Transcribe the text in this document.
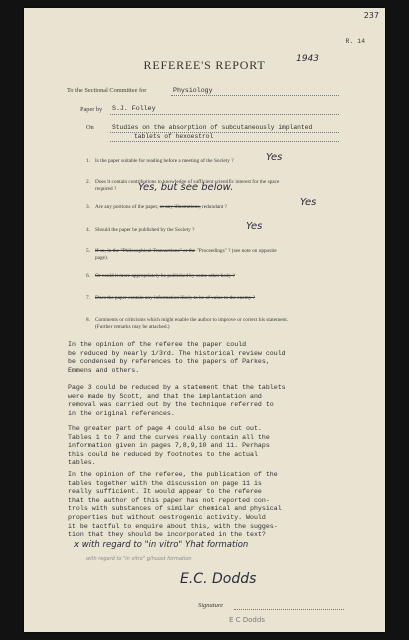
237
R. 14
1943
REFEREE'S REPORT
To the Sectional Committee for	Physiology
Paper by S.J. Folley
On	Studies on the absorption of subcutaneously implanted
tablets of hexoestrol
1. Is the paper suitable for reading before a meeting of the Society ?	Yes
2. Does it contain contributions to knowledge of sufficient scientific interest for the space
required ?	Yes, but see below.
3. Are any portions of the paper, or any illustrations, redundant ?	Yes
4. Should the paper be published by the Society ?	Yes
5. If so, in the "Philosophical Transactions" or the "Proceedings" ? (see note on opposite
page).
6. Or could it more appropriately be published by some other body ?
7. Does the paper contain any information likely to be of value to the enemy ?
8. Comments or criticisms which might enable the author to improve or correct his statement.
(Further remarks may be attached.)
In the opinion of the referee the paper could
be reduced by nearly 1/3rd. The historical review could
be condensed by references to the papers of Parkes,
Emmens and others.
Page 3 could be reduced by a statement that the tablets
were made by Scott, and that the implantation and
removal was carried out by the technique referred to
in the original references.
The greater part of page 4 could also be cut out.
Tables 1 to 7 and the curves really contain all the
information given in pages 7,8,9,10 and 11. Perhaps
this could be reduced by footnotes to the actual
tables.
In the opinion of the referee, the publication of the
tables together with the discussion on page 11 is
really sufficient. It would appear to the referee
that the author of this paper has not reported con-
trols with substances of similar chemical and physical
properties but without oestrogenic activity. Would
it be tactful to enquire about this, with the sugges-
tion that they should be incorporated in the text?
x with regard to "in vitro" Yhat formation
with regard to "in vitro" g/huost formation
E.C. Dodds
Signature
E C Dodds
